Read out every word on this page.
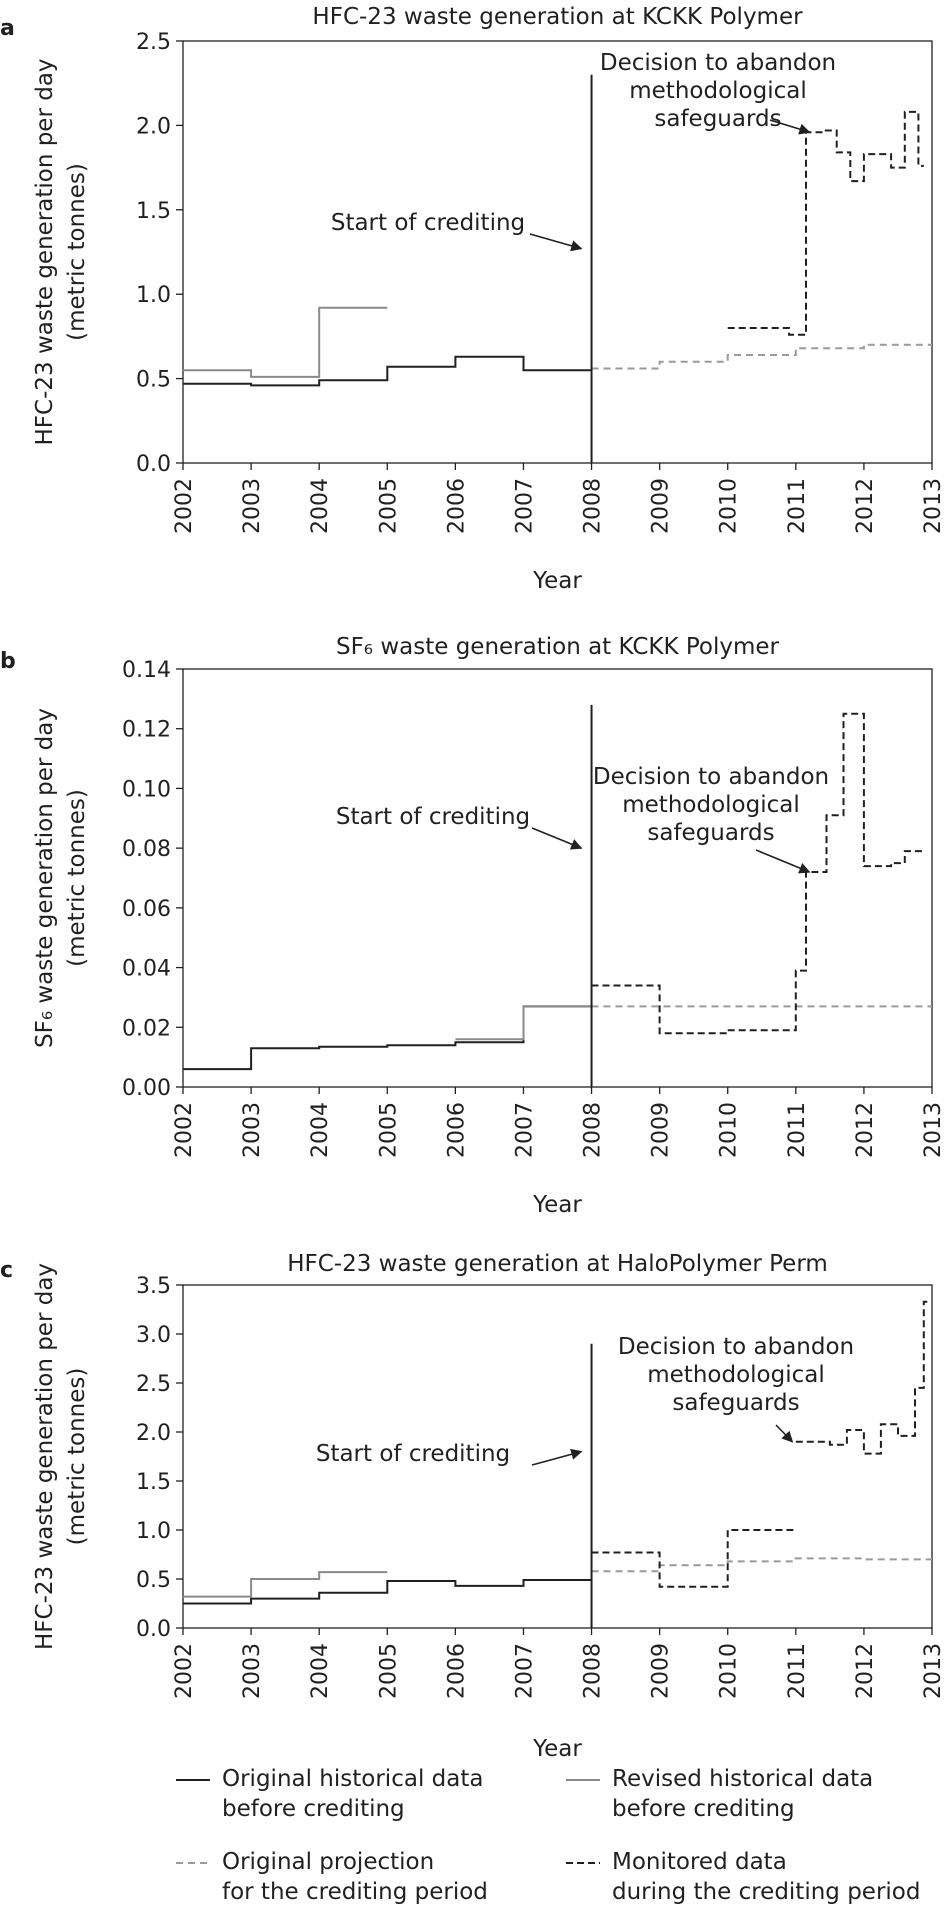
a	HFC-23 waste generation at KCKK Polymer
0.0
0.5
1.0
1.5
2.0
2.5
2002 2003 2004 2005 2006 2007 2008 2009 2010 2011 2012 2013
Year
HFC-23 waste generation per day (metric tonnes)	Start of crediting
Decision to abandon
methodological
safeguards
b
SF₆ waste generation at KCKK Polymer
0.00
0.02
0.04
0.06
0.08
0.10
0.12
0.14
2002 2003 2004 2005 2006 2007 2008 2009 2010 2011 2012 2013
Year
SF₆ waste generation per day (metric tonnes)	Start of crediting
Decision to abandon
methodological
safeguards
c	HFC-23 waste generation at HaloPolymer Perm
0.0
0.5
1.0
1.5
2.0
2.5
3.0
3.5
2002 2003 2004 2005 2006 2007 2008 2009 2010 2011 2012 2013
Year
HFC-23 waste generation per day (metric tonnes)	Start of crediting
Decision to abandon
methodological
safeguards
Original historical data
before crediting
Revised historical data
before crediting
Original projection
for the crediting period
Monitored data
during the crediting period
